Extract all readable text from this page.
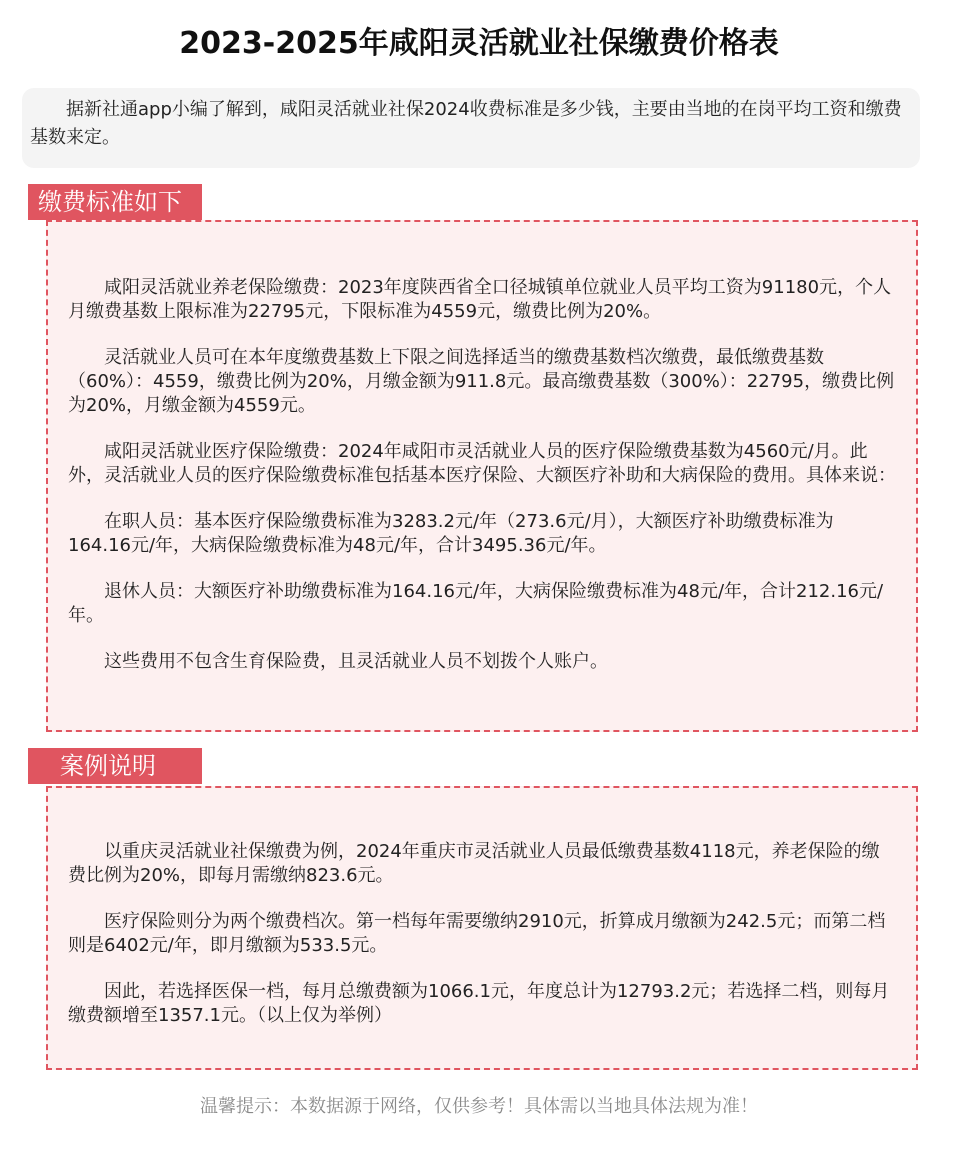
2023-2025年咸阳灵活就业社保缴费价格表
据新社通app小编了解到，咸阳灵活就业社保2024收费标准是多少钱，主要由当地的在岗平均工资和缴费基数来定。
缴费标准如下

咸阳灵活就业养老保险缴费：2023年度陕西省全口径城镇单位就业人员平均工资为91180元，个人月缴费基数上限标准为22795元，下限标准为4559元，缴费比例为20%。

灵活就业人员可在本年度缴费基数上下限之间选择适当的缴费基数档次缴费，最低缴费基数（60%）：4559，缴费比例为20%，月缴金额为911.8元。最高缴费基数（300%）：22795，缴费比例为20%，月缴金额为4559元。

咸阳灵活就业医疗保险缴费：2024年咸阳市灵活就业人员的医疗保险缴费基数为4560元/月。此外，灵活就业人员的医疗保险缴费标准包括基本医疗保险、大额医疗补助和大病保险的费用。具体来说：

在职人员：基本医疗保险缴费标准为3283.2元/年（273.6元/月），大额医疗补助缴费标准为164.16元/年，大病保险缴费标准为48元/年，合计3495.36元/年。

退休人员：大额医疗补助缴费标准为164.16元/年，大病保险缴费标准为48元/年，合计212.16元/年。

这些费用不包含生育保险费，且灵活就业人员不划拨个人账户。

案例说明

以重庆灵活就业社保缴费为例，2024年重庆市灵活就业人员最低缴费基数4118元，养老保险的缴费比例为20%，即每月需缴纳823.6元。

医疗保险则分为两个缴费档次。第一档每年需要缴纳2910元，折算成月缴额为242.5元；而第二档则是6402元/年，即月缴额为533.5元。

因此，若选择医保一档，每月总缴费额为1066.1元，年度总计为12793.2元；若选择二档，则每月缴费额增至1357.1元。（以上仅为举例）

温馨提示：本数据源于网络，仅供参考！具体需以当地具体法规为准！
